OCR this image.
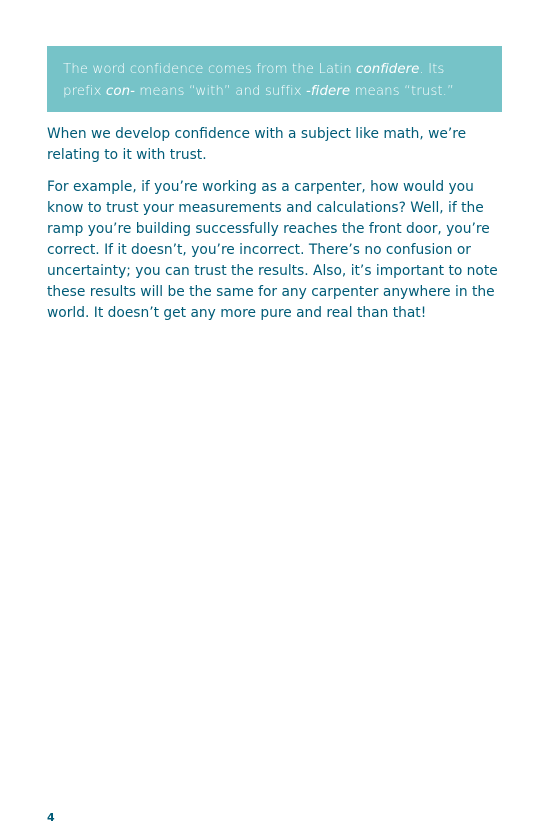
The word confidence comes from the Latin confidere. Its prefix con- means “with” and suffix -fidere means “trust.”

When we develop confidence with a subject like math, we’re relating to it with trust.

For example, if you’re working as a carpenter, how would you know to trust your measurements and calculations? Well, if the ramp you’re building successfully reaches the front door, you’re correct. If it doesn’t, you’re incorrect. There’s no confusion or uncertainty; you can trust the results. Also, it’s important to note these results will be the same for any carpenter anywhere in the world. It doesn’t get any more pure and real than that!

4
